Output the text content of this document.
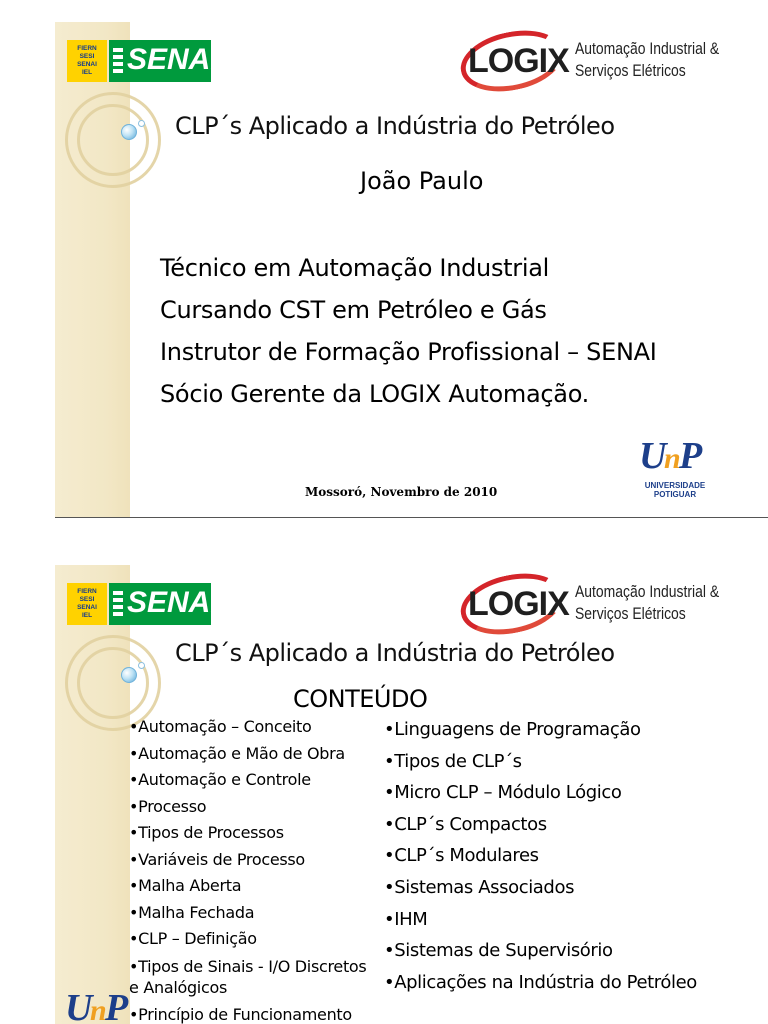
FIERN
SESI
SENAI
IEL SENAI	LOGIX Automação Industrial &
Serviços Elétricos
CLP´s Aplicado a Indústria do Petróleo
João Paulo
Técnico em Automação Industrial
Cursando CST em Petróleo e Gás
Instrutor de Formação Profissional – SENAI
Sócio Gerente da LOGIX Automação.
Mossoró, Novembro de 2010
U
n
P
UNIVERSIDADE
POTIGUAR
FIERN
SESI
SENAI
IEL SENAI	LOGIX Automação Industrial &
Serviços Elétricos
CLP´s Aplicado a Indústria do Petróleo
CONTEÚDO
•Automação – Conceito
•Automação e Mão de Obra
•Automação e Controle
•Processo
•Tipos de Processos
•Variáveis de Processo
•Malha Aberta
•Malha Fechada
•CLP – Definição
•Tipos de Sinais - I/O Discretos e Analógicos
•Princípio de Funcionamento
•Linguagens de Programação
•Tipos de CLP´s
•Micro CLP – Módulo Lógico
•CLP´s Compactos
•CLP´s Modulares
•Sistemas Associados
•IHM
•Sistemas de Supervisório
•Aplicações na Indústria do Petróleo
U
n
P
